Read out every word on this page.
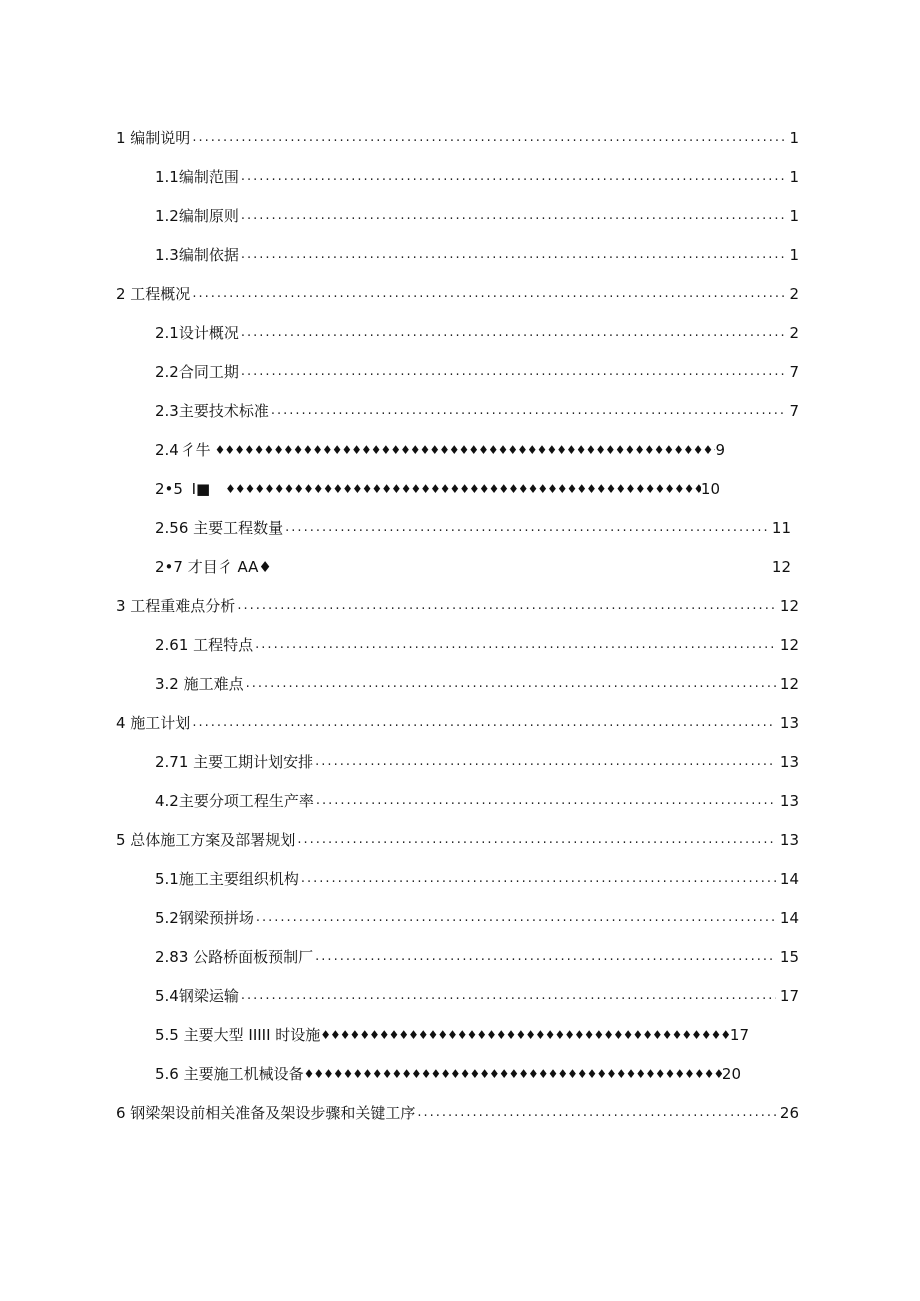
1 编制说明 .....	1
1.1 编制范围 .....	1
1.2 编制原则 .....	1
1.3 编制依据 .....	1
2 工程概况 .....	2
2.1 设计概况 .....	2
2.2 合同工期 .....	7
2.3 主要技术标准 .....	7
2.4 彳牛 ♦♦♦♦♦♦♦♦♦♦♦♦♦♦♦♦♦♦♦♦♦♦♦♦♦♦♦♦♦♦♦♦♦♦♦♦♦♦♦♦♦♦♦♦♦♦♦♦♦♦♦♦♦♦♦♦♦♦♦♦♦♦♦♦♦♦♦♦♦♦♦♦♦♦♦♦♦♦♦♦	9
2•5 I■ ♦♦♦♦♦♦♦♦♦♦♦♦♦♦♦♦♦♦♦♦♦♦♦♦♦♦♦♦♦♦♦♦♦♦♦♦♦♦♦♦♦♦♦♦♦♦♦♦♦♦♦♦♦♦♦♦♦♦♦♦♦♦♦♦♦♦♦♦♦♦♦♦♦♦♦♦♦♦♦♦	10
2.5 6 主要工程数量 .....	11
2•7 才目彳 AA♦	12
3 工程重难点分析 .....	12
2.6 1 工程特点 .....	12
3.2 施工难点 .....	12
4 施工计划 .....	13
2.7 1 主要工期计划安排 .....	13
4.2 主要分项工程生产率 .....	13
5 总体施工方案及部署规划 .....	13
5.1 施工主要组织机构 .....	14
5.2 钢梁预拼场 .....	14
2.8 3 公路桥面板预制厂 .....	15
5.4 钢梁运输 .....	17
5.5 主要大型 IIIII 时设施 ♦♦♦♦♦♦♦♦♦♦♦♦♦♦♦♦♦♦♦♦♦♦♦♦♦♦♦♦♦♦♦♦♦♦♦♦♦♦♦♦♦♦♦♦♦♦♦♦♦♦♦♦♦♦♦♦♦♦♦♦♦♦♦♦♦♦♦♦♦♦♦♦♦♦♦♦♦♦♦♦	17
5.6 主要施工机械设备 ♦♦♦♦♦♦♦♦♦♦♦♦♦♦♦♦♦♦♦♦♦♦♦♦♦♦♦♦♦♦♦♦♦♦♦♦♦♦♦♦♦♦♦♦♦♦♦♦♦♦♦♦♦♦♦♦♦♦♦♦♦♦♦♦♦♦♦♦♦♦♦♦♦♦♦♦♦♦♦♦	20
6 钢梁架设前相关准备及架设步骤和关键工序 .....	26
